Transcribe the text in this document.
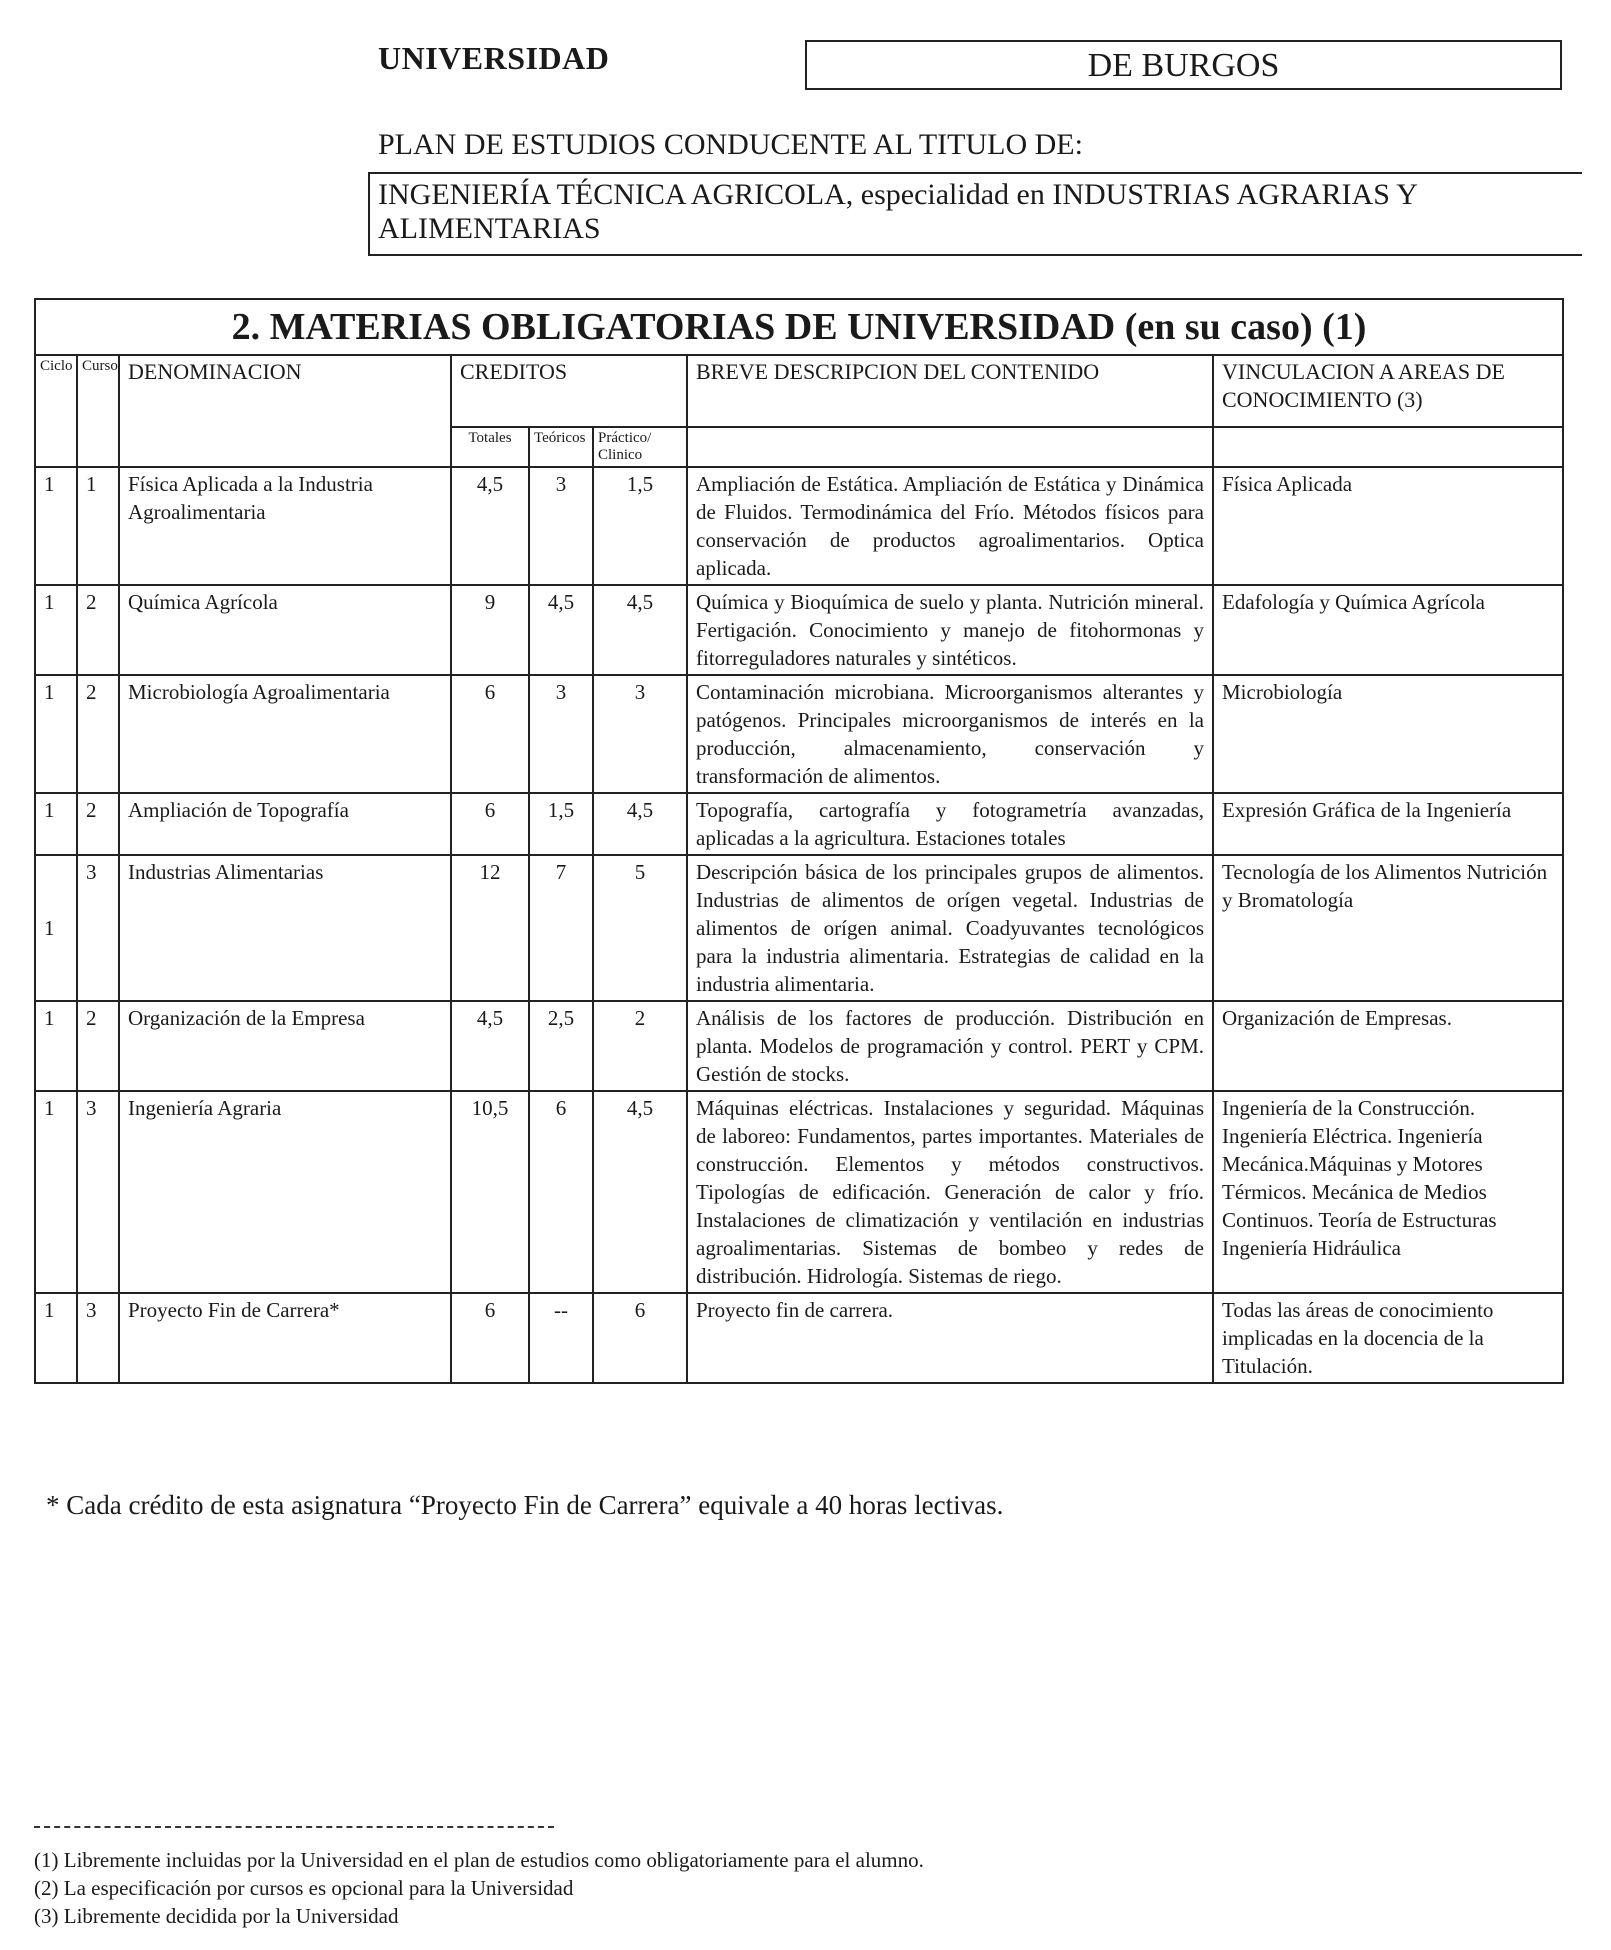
UNIVERSIDAD	DE BURGOS
PLAN DE ESTUDIOS CONDUCENTE AL TITULO DE:
INGENIERÍA TÉCNICA AGRICOLA, especialidad en INDUSTRIAS AGRARIAS Y
ALIMENTARIAS
2. MATERIAS OBLIGATORIAS DE UNIVERSIDAD (en su caso) (1)							
Ciclo	Curso	DENOMINACION	CREDITOS			BREVE DESCRIPCION DEL CONTENIDO	VINCULACION A AREAS DE CONOCIMIENTO (3)
			Totales	Teóricos	Práctico/ Clinico		
1	1	Física Aplicada a la Industria Agroalimentaria	4,5	3	1,5	Ampliación de Estática. Ampliación de Estática y Dinámica de Fluidos. Termodinámica del Frío. Métodos físicos para conservación de productos agroalimentarios. Optica aplicada.	Física Aplicada
1	2	Química Agrícola	9	4,5	4,5	Química y Bioquímica de suelo y planta. Nutrición mineral. Fertigación. Conocimiento y manejo de fitohormonas y fitorreguladores naturales y sintéticos.	Edafología y Química Agrícola
1	2	Microbiología Agroalimentaria	6	3	3	Contaminación microbiana. Microorganismos alterantes y patógenos. Principales microorganismos de interés en la producción, almacenamiento, conservación y transformación de alimentos.	Microbiología
1	2	Ampliación de Topografía	6	1,5	4,5	Topografía, cartografía y fotogrametría avanzadas, aplicadas a la agricultura. Estaciones totales	Expresión Gráfica de la Ingeniería
1	3	Industrias Alimentarias	12	7	5	Descripción básica de los principales grupos de alimentos. Industrias de alimentos de orígen vegetal. Industrias de alimentos de orígen animal. Coadyuvantes tecnológicos para la industria alimentaria. Estrategias de calidad en la industria alimentaria.	Tecnología de los Alimentos Nutrición y Bromatología
1	2	Organización de la Empresa	4,5	2,5	2	Análisis de los factores de producción. Distribución en planta. Modelos de programación y control. PERT y CPM. Gestión de stocks.	Organización de Empresas.
1	3	Ingeniería Agraria	10,5	6	4,5	Máquinas eléctricas. Instalaciones y seguridad. Máquinas de laboreo: Fundamentos, partes importantes. Materiales de construcción. Elementos y métodos constructivos. Tipologías de edificación. Generación de calor y frío. Instalaciones de climatización y ventilación en industrias agroalimentarias. Sistemas de bombeo y redes de distribución. Hidrología. Sistemas de riego.	Ingeniería de la Construcción. Ingeniería Eléctrica. Ingeniería Mecánica.Máquinas y Motores Térmicos. Mecánica de Medios Continuos. Teoría de Estructuras Ingeniería Hidráulica
1	3	Proyecto Fin de Carrera*	6	--	6	Proyecto fin de carrera.	Todas las áreas de conocimiento implicadas en la docencia de la Titulación.
* Cada crédito de esta asignatura “Proyecto Fin de Carrera” equivale a 40 horas lectivas.
(1) Libremente incluidas por la Universidad en el plan de estudios como obligatoriamente para el alumno.
(2) La especificación por cursos es opcional para la Universidad
(3) Libremente decidida por la Universidad
